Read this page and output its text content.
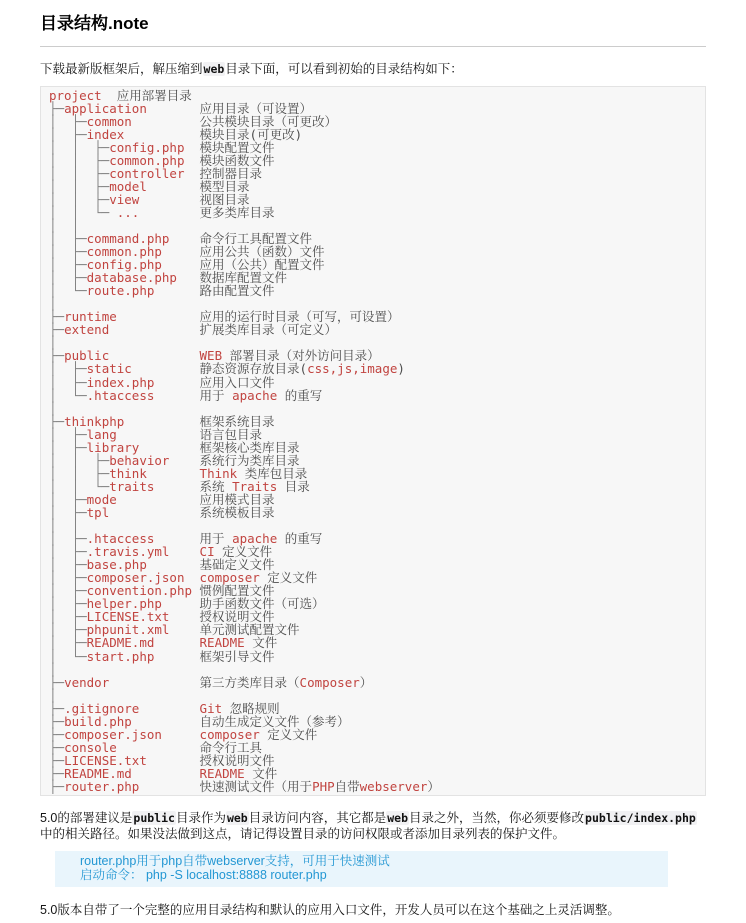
目录结构.note

下载最新版框架后，解压缩到web目录下面，可以看到初始的目录结构如下：

project 应用部署目录
├─application	应用目录（可设置）
│  ├─common	公共模块目录（可更改）
│  ├─index	模块目录(可更改)
│  │  ├─config.php 模块配置文件
│  │  ├─common.php 模块函数文件
│  │  ├─controller 控制器目录
│  │  ├─model	模型目录
│  │  ├─view	视图目录
│  │  └─ ...	更多类库目录
│  │
│  ├─command.php 命令行工具配置文件
│  ├─common.php	应用公共（函数）文件
│  ├─config.php	应用（公共）配置文件
│  ├─database.php 数据库配置文件
│  └─route.php	路由配置文件
│
├─runtime	应用的运行时目录（可写，可设置）
├─extend	扩展类库目录（可定义）
│
├─public	WEB 部署目录（对外访问目录）
│  ├─static	静态资源存放目录(css,js,image)
│  ├─index.php	应用入口文件
│  └─.htaccess	用于 apache 的重写
│
├─thinkphp	框架系统目录
│  ├─lang	语言包目录
│  ├─library	框架核心类库目录
│  │  ├─behavior 系统行为类库目录
│  │  ├─think	Think 类库包目录
│  │  └─traits	系统 Traits 目录
│  ├─mode	应用模式目录
│  ├─tpl	系统模板目录
│  │
│  ├─.htaccess	用于 apache 的重写
│  ├─.travis.yml CI 定义文件
│  ├─base.php	基础定义文件
│  ├─composer.json composer 定义文件
│  ├─convention.php 惯例配置文件
│  ├─helper.php	助手函数文件（可选）
│  ├─LICENSE.txt 授权说明文件
│  ├─phpunit.xml 单元测试配置文件
│  ├─README.md	README 文件
│  └─start.php	框架引导文件
│
├─vendor	第三方类库目录（Composer）
│
├─.gitignore	Git 忽略规则
├─build.php	自动生成定义文件（参考）
├─composer.json	composer 定义文件
├─console	命令行工具
├─LICENSE.txt	授权说明文件
├─README.md	README 文件
├─router.php	快速测试文件（用于PHP自带webserver）

5.0的部署建议是public目录作为web目录访问内容，其它都是web目录之外，当然，你必须要修改public/index.php中的相关路径。如果没法做到这点，请记得设置目录的访问权限或者添加目录列表的保护文件。

router.php用于php自带webserver支持，可用于快速测试
启动命令： php -S localhost:8888 router.php

5.0版本自带了一个完整的应用目录结构和默认的应用入口文件，开发人员可以在这个基础之上灵活调整。
